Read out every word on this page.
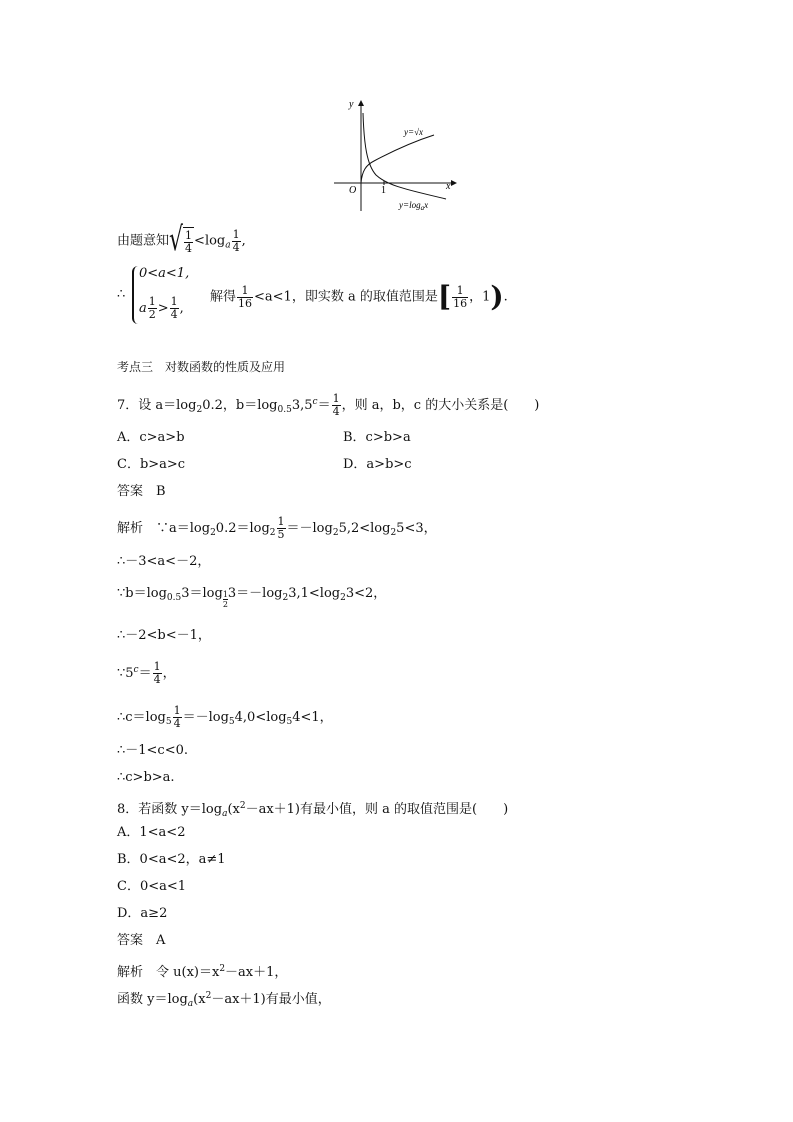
y
x
O 1
y=√x
$y=\log_ax$
由题意知√ $\frac{1}{4} <\log_a \frac{1}{4}$ ,
∴
0<a<1,
a $\frac{1}{2} > \frac{1}{4}$ ,
解得 $\frac{1}{16} <a<1$，即实数 a 的取值范围是[ $\frac{1}{16}$ ，1).
考点三　对数函数的性质及应用
7．设 $a=\log_20.2$，$b=\log_{0.5}3,5^c= \frac{1}{4}$ ，则 a，b，c 的大小关系是(　　)
A．c>a>b	B．c>b>a
C．b>a>c	D．a>b>c
答案　B
解析　$\because a=\log_20.2=\log_2 \frac{1}{5} =-\log_25,2<\log_25<3$，
∴－3<a<－2，
$\because b=\log_{0.5}3=\log \frac{1}{2} 3=-\log_23,1<\log_23<2$，
∴－2<b<－1，
$\because 5^c= \frac{1}{4}$ ，
$\therefore c=\log_5 \frac{1}{4} =-\log_54,0<\log_54<1$，
∴－1<c<0.
∴c>b>a.
8．若函数 $y=\log_a(x^2-ax+1)$有最小值，则 a 的取值范围是(　　)
A．1<a<2
B．0<a<2，a≠1
C．0<a<1
D．a≥2
答案　A
解析　令 $u(x)=x^2-ax+1$，
函数 $y=\log_a(x^2-ax+1)$有最小值，
